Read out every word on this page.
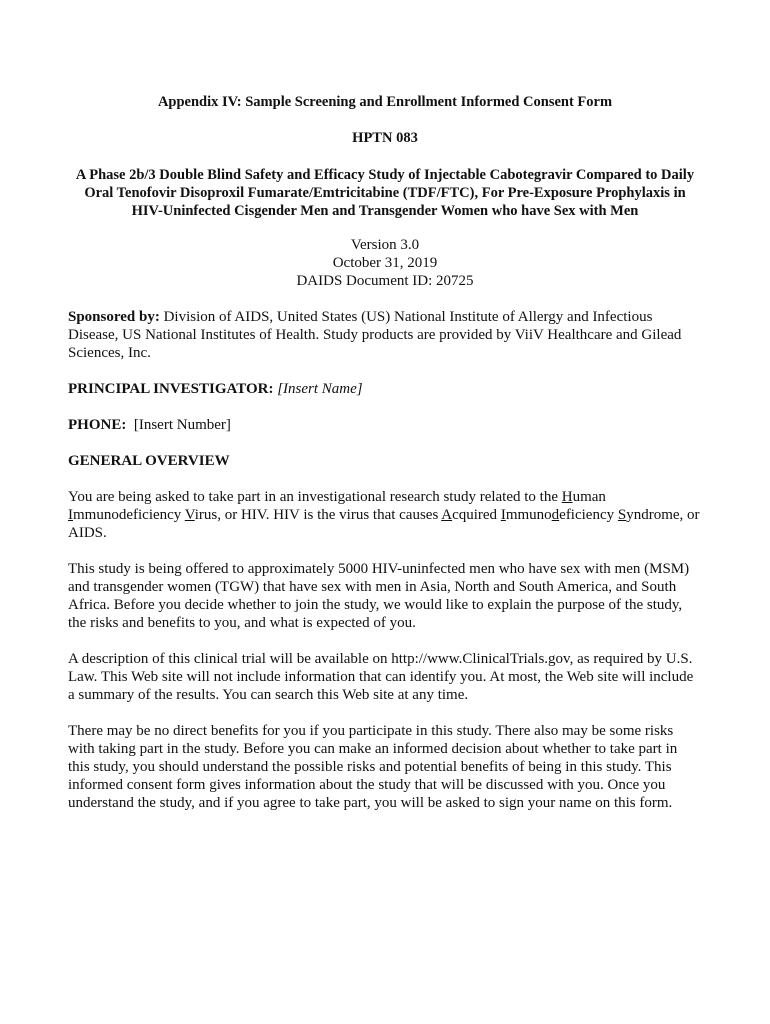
Appendix IV: Sample Screening and Enrollment Informed Consent Form
HPTN 083
A Phase 2b/3 Double Blind Safety and Efficacy Study of Injectable Cabotegravir Compared to Daily Oral Tenofovir Disoproxil Fumarate/Emtricitabine (TDF/FTC), For Pre-Exposure Prophylaxis in HIV-Uninfected Cisgender Men and Transgender Women who have Sex with Men
Version 3.0
October 31, 2019
DAIDS Document ID: 20725

Sponsored by: Division of AIDS, United States (US) National Institute of Allergy and Infectious Disease, US National Institutes of Health. Study products are provided by ViiV Healthcare and Gilead Sciences, Inc.

PRINCIPAL INVESTIGATOR: [Insert Name]

PHONE: [Insert Number]

GENERAL OVERVIEW

You are being asked to take part in an investigational research study related to the Human Immunodeficiency Virus, or HIV. HIV is the virus that causes Acquired Immunodeficiency Syndrome, or AIDS.

This study is being offered to approximately 5000 HIV-uninfected men who have sex with men (MSM) and transgender women (TGW) that have sex with men in Asia, North and South America, and South Africa. Before you decide whether to join the study, we would like to explain the purpose of the study, the risks and benefits to you, and what is expected of you.

A description of this clinical trial will be available on http://www.ClinicalTrials.gov, as required by U.S. Law. This Web site will not include information that can identify you. At most, the Web site will include a summary of the results. You can search this Web site at any time.

There may be no direct benefits for you if you participate in this study. There also may be some risks with taking part in the study. Before you can make an informed decision about whether to take part in this study, you should understand the possible risks and potential benefits of being in this study. This informed consent form gives information about the study that will be discussed with you. Once you understand the study, and if you agree to take part, you will be asked to sign your name on this form.
